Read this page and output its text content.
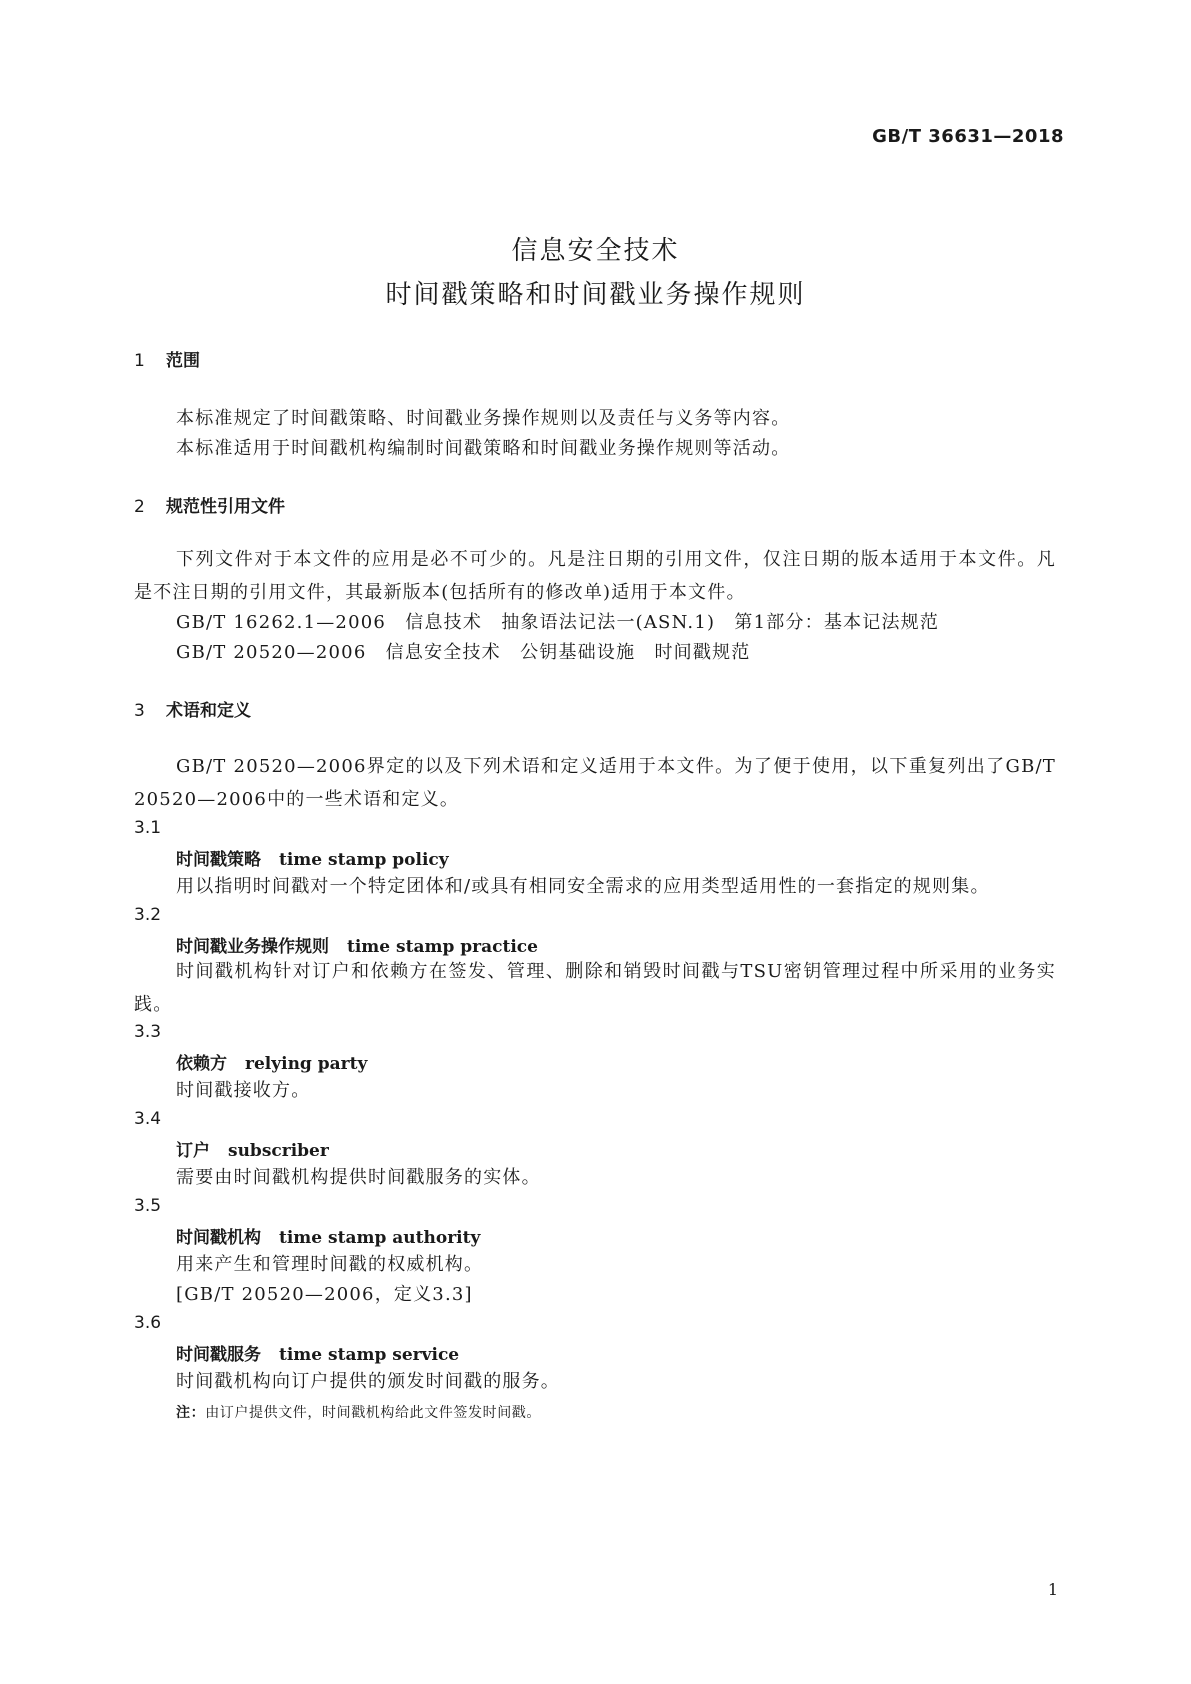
GB/T 36631—2018
信息安全技术
时间戳策略和时间戳业务操作规则
1 范围
本标准规定了时间戳策略、时间戳业务操作规则以及责任与义务等内容。
本标准适用于时间戳机构编制时间戳策略和时间戳业务操作规则等活动。
2 规范性引用文件
下列文件对于本文件的应用是必不可少的。凡是注日期的引用文件，仅注日期的版本适用于本文件。凡是不注日期的引用文件，其最新版本(包括所有的修改单)适用于本文件。
GB/T 16262.1—2006　信息技术　抽象语法记法一(ASN.1)　第1部分：基本记法规范
GB/T 20520—2006　信息安全技术　公钥基础设施　时间戳规范
3 术语和定义
GB/T 20520—2006界定的以及下列术语和定义适用于本文件。为了便于使用，以下重复列出了GB/T 20520—2006中的一些术语和定义。
3.1
时间戳策略 time stamp policy
用以指明时间戳对一个特定团体和/或具有相同安全需求的应用类型适用性的一套指定的规则集。
3.2
时间戳业务操作规则 time stamp practice
时间戳机构针对订户和依赖方在签发、管理、删除和销毁时间戳与TSU密钥管理过程中所采用的业务实践。
3.3
依赖方 relying party
时间戳接收方。
3.4
订户 subscriber
需要由时间戳机构提供时间戳服务的实体。
3.5
时间戳机构 time stamp authority
用来产生和管理时间戳的权威机构。
[GB/T 20520—2006，定义3.3]
3.6
时间戳服务 time stamp service
时间戳机构向订户提供的颁发时间戳的服务。
注：由订户提供文件，时间戳机构给此文件签发时间戳。
1
